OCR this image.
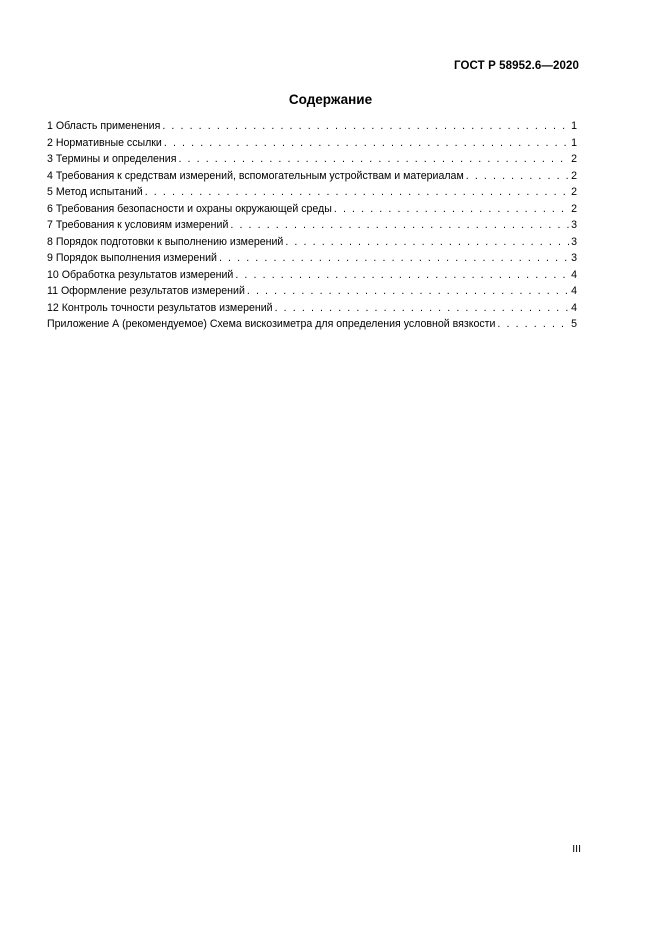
ГОСТ Р 58952.6—2020
Содержание
1 Область применения . . .	1
2 Нормативные ссылки . . .	1
3 Термины и определения . . .	2
4 Требования к средствам измерений, вспомогательным устройствам и материалам . . .	2
5 Метод испытаний . . .	2
6 Требования безопасности и охраны окружающей среды . . .	2
7 Требования к условиям измерений . . .	3
8 Порядок подготовки к выполнению измерений . . .	3
9 Порядок выполнения измерений . . .	3
10 Обработка результатов измерений . . .	4
11 Оформление результатов измерений . . .	4
12 Контроль точности результатов измерений . . .	4
Приложение А (рекомендуемое) Схема вискозиметра для определения условной вязкости . . .	5
III
